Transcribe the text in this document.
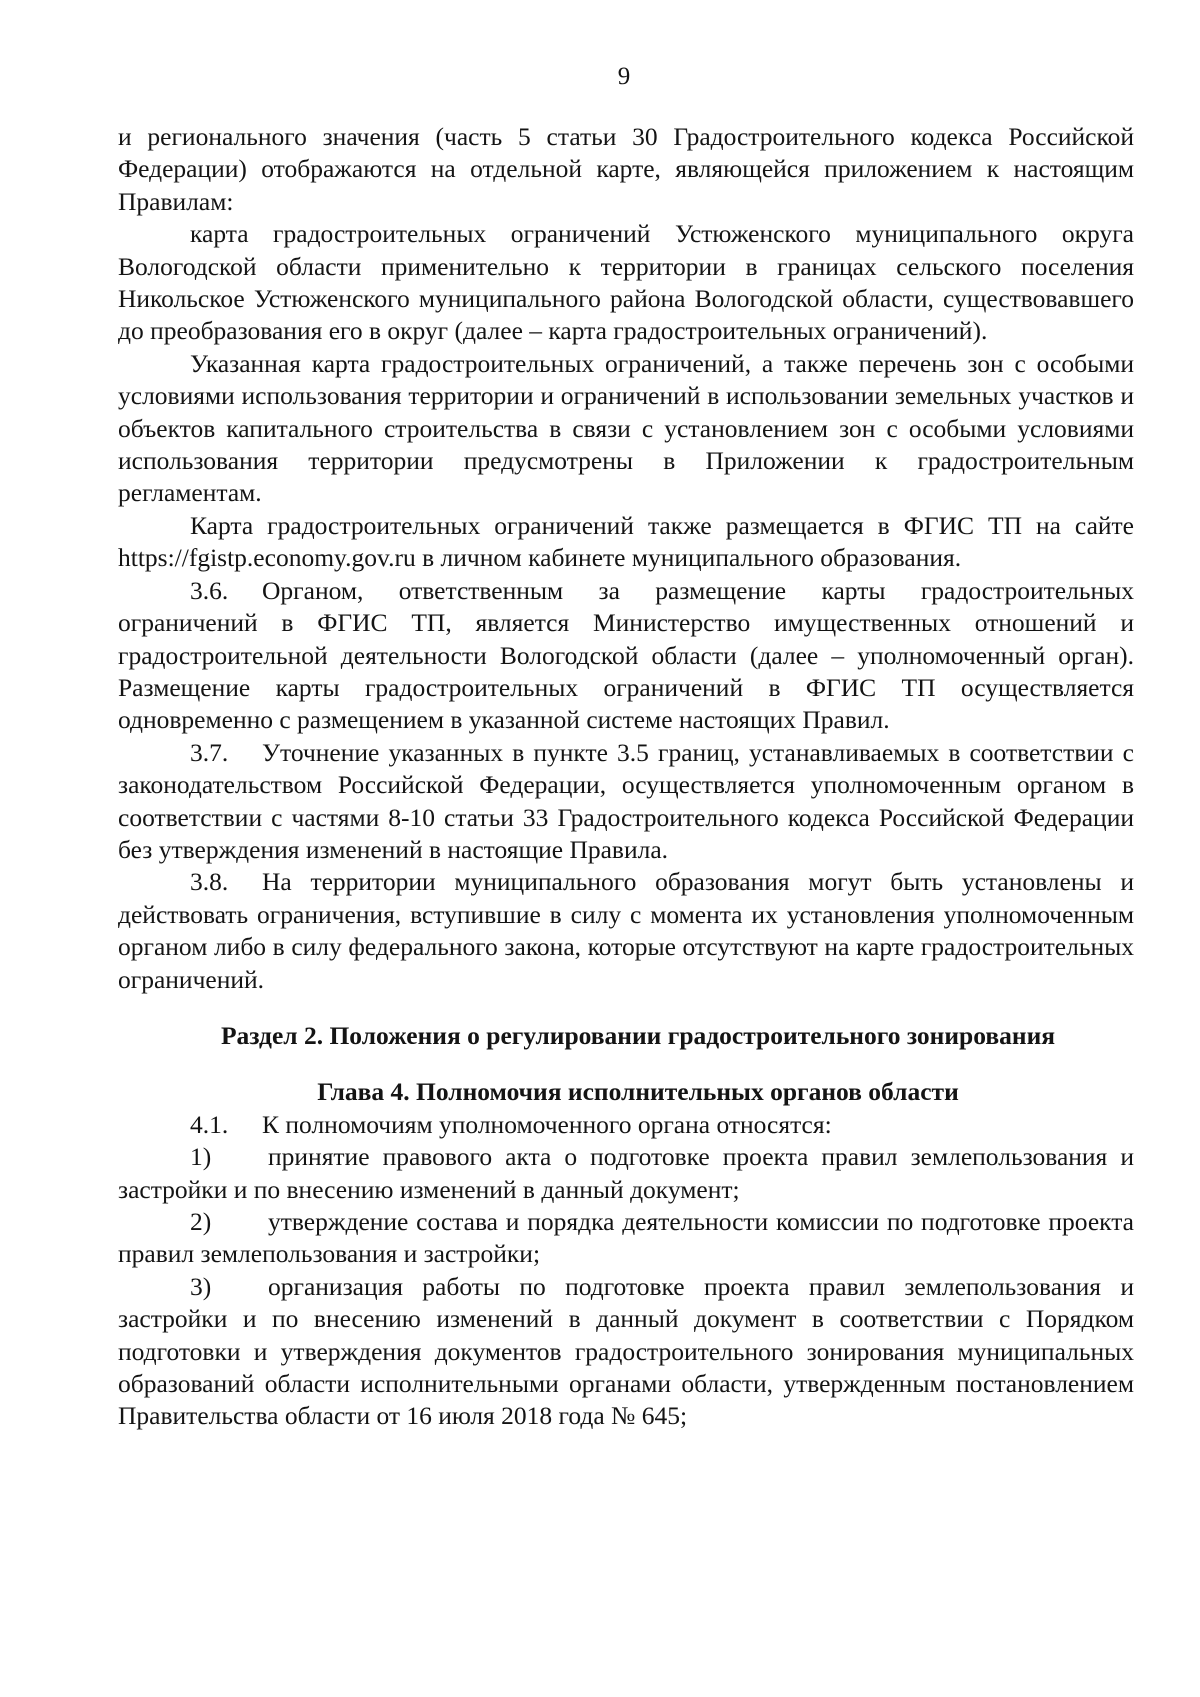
9

и регионального значения (часть 5 статьи 30 Градостроительного кодекса Российской Федерации) отображаются на отдельной карте, являющейся приложением к настоящим Правилам:

карта градостроительных ограничений Устюженского муниципального округа Вологодской области применительно к территории в границах сельского поселения Никольское Устюженского муниципального района Вологодской области, существовавшего до преобразования его в округ (далее – карта градостроительных ограничений).

Указанная карта градостроительных ограничений, а также перечень зон с особыми условиями использования территории и ограничений в использовании земельных участков и объектов капитального строительства в связи с установлением зон с особыми условиями использования территории предусмотрены в Приложении к градостроительным регламентам.

Карта градостроительных ограничений также размещается в ФГИС ТП на сайте https://fgistp.economy.gov.ru в личном кабинете муниципального образования.

3.6. Органом, ответственным за размещение карты градостроительных ограничений в ФГИС ТП, является Министерство имущественных отношений и градостроительной деятельности Вологодской области (далее – уполномоченный орган). Размещение карты градостроительных ограничений в ФГИС ТП осуществляется одновременно с размещением в указанной системе настоящих Правил.

3.7. Уточнение указанных в пункте 3.5 границ, устанавливаемых в соответствии с законодательством Российской Федерации, осуществляется уполномоченным органом в соответствии с частями 8-10 статьи 33 Градостроительного кодекса Российской Федерации без утверждения изменений в настоящие Правила.

3.8. На территории муниципального образования могут быть установлены и действовать ограничения, вступившие в силу с момента их установления уполномоченным органом либо в силу федерального закона, которые отсутствуют на карте градостроительных ограничений.

Раздел 2. Положения о регулировании градостроительного зонирования
Глава 4. Полномочия исполнительных органов области

4.1. К полномочиям уполномоченного органа относятся:

1) принятие правового акта о подготовке проекта правил землепользования и застройки и по внесению изменений в данный документ;

2) утверждение состава и порядка деятельности комиссии по подготовке проекта правил землепользования и застройки;

3) организация работы по подготовке проекта правил землепользования и застройки и по внесению изменений в данный документ в соответствии с Порядком подготовки и утверждения документов градостроительного зонирования муниципальных образований области исполнительными органами области, утвержденным постановлением Правительства области от 16 июля 2018 года № 645;
